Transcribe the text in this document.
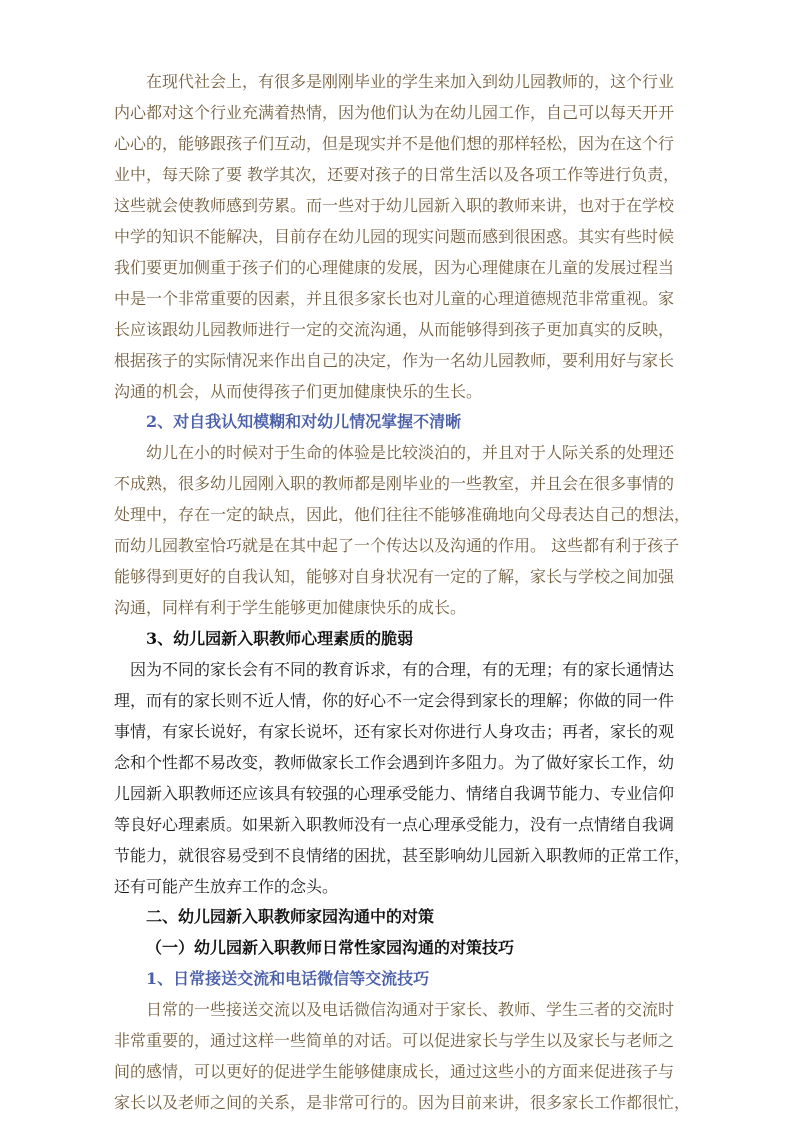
在现代社会上，有很多是刚刚毕业的学生来加入到幼儿园教师的，这个行业
内心都对这个行业充满着热情，因为他们认为在幼儿园工作，自己可以每天开开
心心的，能够跟孩子们互动，但是现实并不是他们想的那样轻松，因为在这个行
业中，每天除了要 教学其次，还要对孩子的日常生活以及各项工作等进行负责，
这些就会使教师感到劳累。而一些对于幼儿园新入职的教师来讲，也对于在学校
中学的知识不能解决，目前存在幼儿园的现实问题而感到很困惑。其实有些时候
我们要更加侧重于孩子们的心理健康的发展，因为心理健康在儿童的发展过程当
中是一个非常重要的因素，并且很多家长也对儿童的心理道德规范非常重视。家
长应该跟幼儿园教师进行一定的交流沟通，从而能够得到孩子更加真实的反映，
根据孩子的实际情况来作出自己的决定，作为一名幼儿园教师，要利用好与家长
沟通的机会，从而使得孩子们更加健康快乐的生长。
2、对自我认知模糊和对幼儿情况掌握不清晰
幼儿在小的时候对于生命的体验是比较淡泊的，并且对于人际关系的处理还
不成熟，很多幼儿园刚入职的教师都是刚毕业的一些教室，并且会在很多事情的
处理中，存在一定的缺点，因此，他们往往不能够准确地向父母表达自己的想法，
而幼儿园教室恰巧就是在其中起了一个传达以及沟通的作用。 这些都有利于孩子
能够得到更好的自我认知，能够对自身状况有一定的了解，家长与学校之间加强
沟通，同样有利于学生能够更加健康快乐的成长。
3、幼儿园新入职教师心理素质的脆弱
因为不同的家长会有不同的教育诉求，有的合理，有的无理；有的家长通情达
理，而有的家长则不近人情，你的好心不一定会得到家长的理解；你做的同一件
事情，有家长说好，有家长说坏，还有家长对你进行人身攻击；再者，家长的观
念和个性都不易改变，教师做家长工作会遇到许多阻力。为了做好家长工作，幼
儿园新入职教师还应该具有较强的心理承受能力、情绪自我调节能力、专业信仰
等良好心理素质。如果新入职教师没有一点心理承受能力，没有一点情绪自我调
节能力，就很容易受到不良情绪的困扰，甚至影响幼儿园新入职教师的正常工作，
还有可能产生放弃工作的念头。
二、幼儿园新入职教师家园沟通中的对策
（一）幼儿园新入职教师日常性家园沟通的对策技巧
1、日常接送交流和电话微信等交流技巧
日常的一些接送交流以及电话微信沟通对于家长、教师、学生三者的交流时
非常重要的，通过这样一些简单的对话。可以促进家长与学生以及家长与老师之
间的感情，可以更好的促进学生能够健康成长，通过这些小的方面来促进孩子与
家长以及老师之间的关系，是非常可行的。因为目前来讲，很多家长工作都很忙，
